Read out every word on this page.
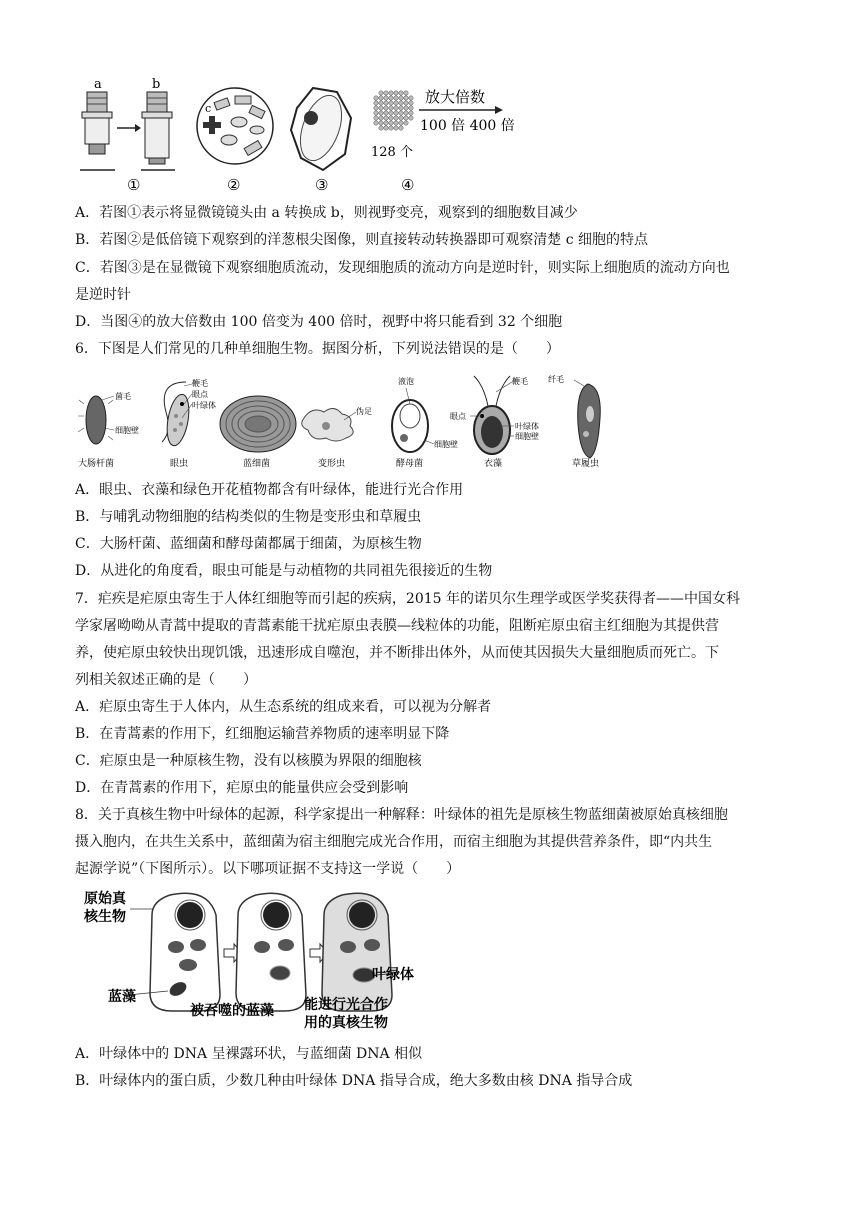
a	b
①
c
②	③
128 个
放大倍数
100 倍 400 倍
④
A．若图①表示将显微镜镜头由 a 转换成 b，则视野变亮，观察到的细胞数目减少
B．若图②是低倍镜下观察到的洋葱根尖图像，则直接转动转换器即可观察清楚 c 细胞的特点
C．若图③是在显微镜下观察细胞质流动，发现细胞质的流动方向是逆时针，则实际上细胞质的流动方向也
是逆时针
D．当图④的放大倍数由 100 倍变为 400 倍时，视野中将只能看到 32 个细胞
6．下图是人们常见的几种单细胞生物。据图分析，下列说法错误的是（　　）
菌毛
细胞壁
大肠杆菌
鞭毛
眼点
叶绿体
眼虫	蓝细菌
伪足
变形虫
液泡
细胞壁
酵母菌
鞭毛
眼点
叶绿体
细胞壁
衣藻
纤毛
草履虫
A．眼虫、衣藻和绿色开花植物都含有叶绿体，能进行光合作用
B．与哺乳动物细胞的结构类似的生物是变形虫和草履虫
C．大肠杆菌、蓝细菌和酵母菌都属于细菌，为原核生物
D．从进化的角度看，眼虫可能是与动植物的共同祖先很接近的生物
7．疟疾是疟原虫寄生于人体红细胞等而引起的疾病，2015 年的诺贝尔生理学或医学奖获得者——中国女科
学家屠呦呦从青蒿中提取的青蒿素能干扰疟原虫表膜—线粒体的功能，阻断疟原虫宿主红细胞为其提供营
养，使疟原虫较快出现饥饿，迅速形成自噬泡，并不断排出体外，从而使其因损失大量细胞质而死亡。下
列相关叙述正确的是（　　）
A．疟原虫寄生于人体内，从生态系统的组成来看，可以视为分解者
B．在青蒿素的作用下，红细胞运输营养物质的速率明显下降
C．疟原虫是一种原核生物，没有以核膜为界限的细胞核
D．在青蒿素的作用下，疟原虫的能量供应会受到影响
8．关于真核生物中叶绿体的起源，科学家提出一种解释：叶绿体的祖先是原核生物蓝细菌被原始真核细胞
摄入胞内，在共生关系中，蓝细菌为宿主细胞完成光合作用，而宿主细胞为其提供营养条件，即“内共生
起源学说”（下图所示）。以下哪项证据不支持这一学说（　　）
原始真
核生物
蓝藻
被吞噬的蓝藻
叶绿体
能进行光合作
用的真核生物
A．叶绿体中的 DNA 呈裸露环状，与蓝细菌 DNA 相似
B．叶绿体内的蛋白质，少数几种由叶绿体 DNA 指导合成，绝大多数由核 DNA 指导合成
